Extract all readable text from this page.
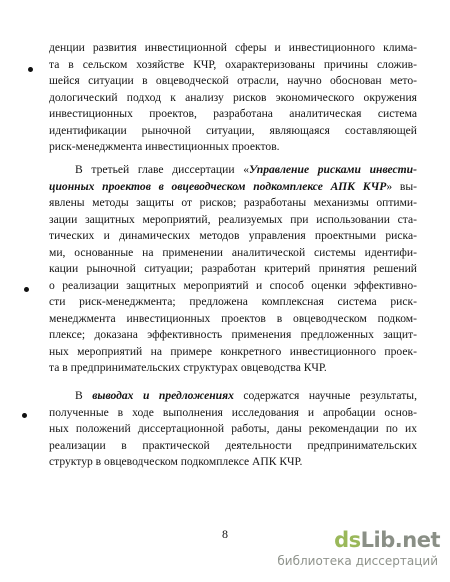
денции развития инвестиционной сферы и инвестиционного клима-
та в сельском хозяйстве КЧР, охарактеризованы причины сложив-
шейся ситуации в овцеводческой отрасли, научно обоснован мето-
дологический подход к анализу рисков экономического окружения
инвестиционных проектов, разработана аналитическая система
идентификации рыночной ситуации, являющаяся составляющей
риск-менеджмента инвестиционных проектов.
В третьей главе диссертации «Управление рисками инвести-
ционных проектов в овцеводческом подкомплексе АПК КЧР» вы-
явлены методы защиты от рисков; разработаны механизмы оптими-
зации защитных мероприятий, реализуемых при использовании ста-
тических и динамических методов управления проектными риска-
ми, основанные на применении аналитической системы идентифи-
кации рыночной ситуации; разработан критерий принятия решений
о реализации защитных мероприятий и способ оценки эффективно-
сти риск-менеджмента; предложена комплексная система риск-
менеджмента инвестиционных проектов в овцеводческом подком-
плексе; доказана эффективность применения предложенных защит-
ных мероприятий на примере конкретного инвестиционного проек-
та в предпринимательских структурах овцеводства КЧР.
В выводах и предложениях содержатся научные результаты,
полученные в ходе выполнения исследования и апробации основ-
ных положений диссертационной работы, даны рекомендации по их
реализации в практической деятельности предпринимательских
структур в овцеводческом подкомплексе АПК КЧР.
8	dsLib.net
библиотека диссертаций
